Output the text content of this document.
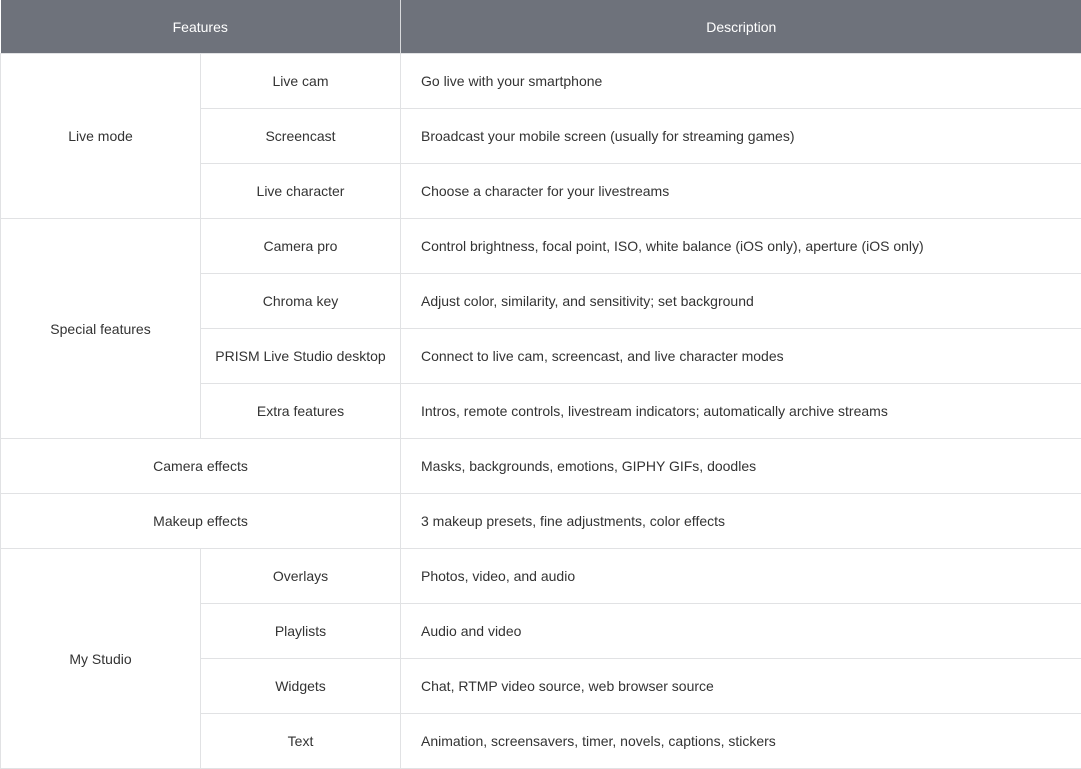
Features		Description
Live mode	Live cam	Go live with your smartphone
	Screencast	Broadcast your mobile screen (usually for streaming games)
	Live character	Choose a character for your livestreams
Special features	Camera pro	Control brightness, focal point, ISO, white balance (iOS only), aperture (iOS only)
	Chroma key	Adjust color, similarity, and sensitivity; set background
	PRISM Live Studio desktop	Connect to live cam, screencast, and live character modes
	Extra features	Intros, remote controls, livestream indicators; automatically archive streams
Camera effects		Masks, backgrounds, emotions, GIPHY GIFs, doodles
Makeup effects		3 makeup presets, fine adjustments, color effects
My Studio	Overlays	Photos, video, and audio
	Playlists	Audio and video
	Widgets	Chat, RTMP video source, web browser source
	Text	Animation, screensavers, timer, novels, captions, stickers
